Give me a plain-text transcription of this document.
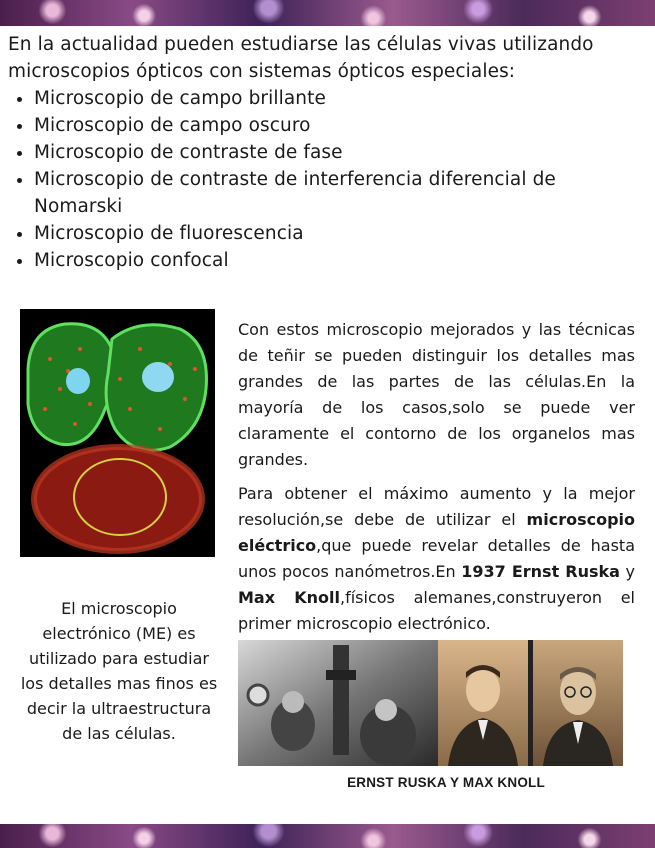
En la actualidad pueden estudiarse las células vivas utilizando microscopios ópticos con sistemas ópticos especiales:

• Microscopio de campo brillante
• Microscopio de campo oscuro
• Microscopio de contraste de fase
• Microscopio de contraste de interferencia diferencial de Nomarski
• Microscopio de fluorescencia
• Microscopio confocal
El microscopio electrónico (ME) es utilizado para estudiar los detalles mas finos es decir la ultraestructura de las células.
Con estos microscopio mejorados y las técnicas de teñir se pueden distinguir los detalles mas grandes de las partes de las células.En la mayoría de los casos,solo se puede ver claramente el contorno de los organelos mas grandes.
Para obtener el máximo aumento y la mejor resolución,se debe de utilizar el microscopio eléctrico,que puede revelar detalles de hasta unos pocos nanómetros.En 1937 Ernst Ruska y Max Knoll,físicos alemanes,construyeron el primer microscopio electrónico.
ERNST RUSKA Y MAX KNOLL
